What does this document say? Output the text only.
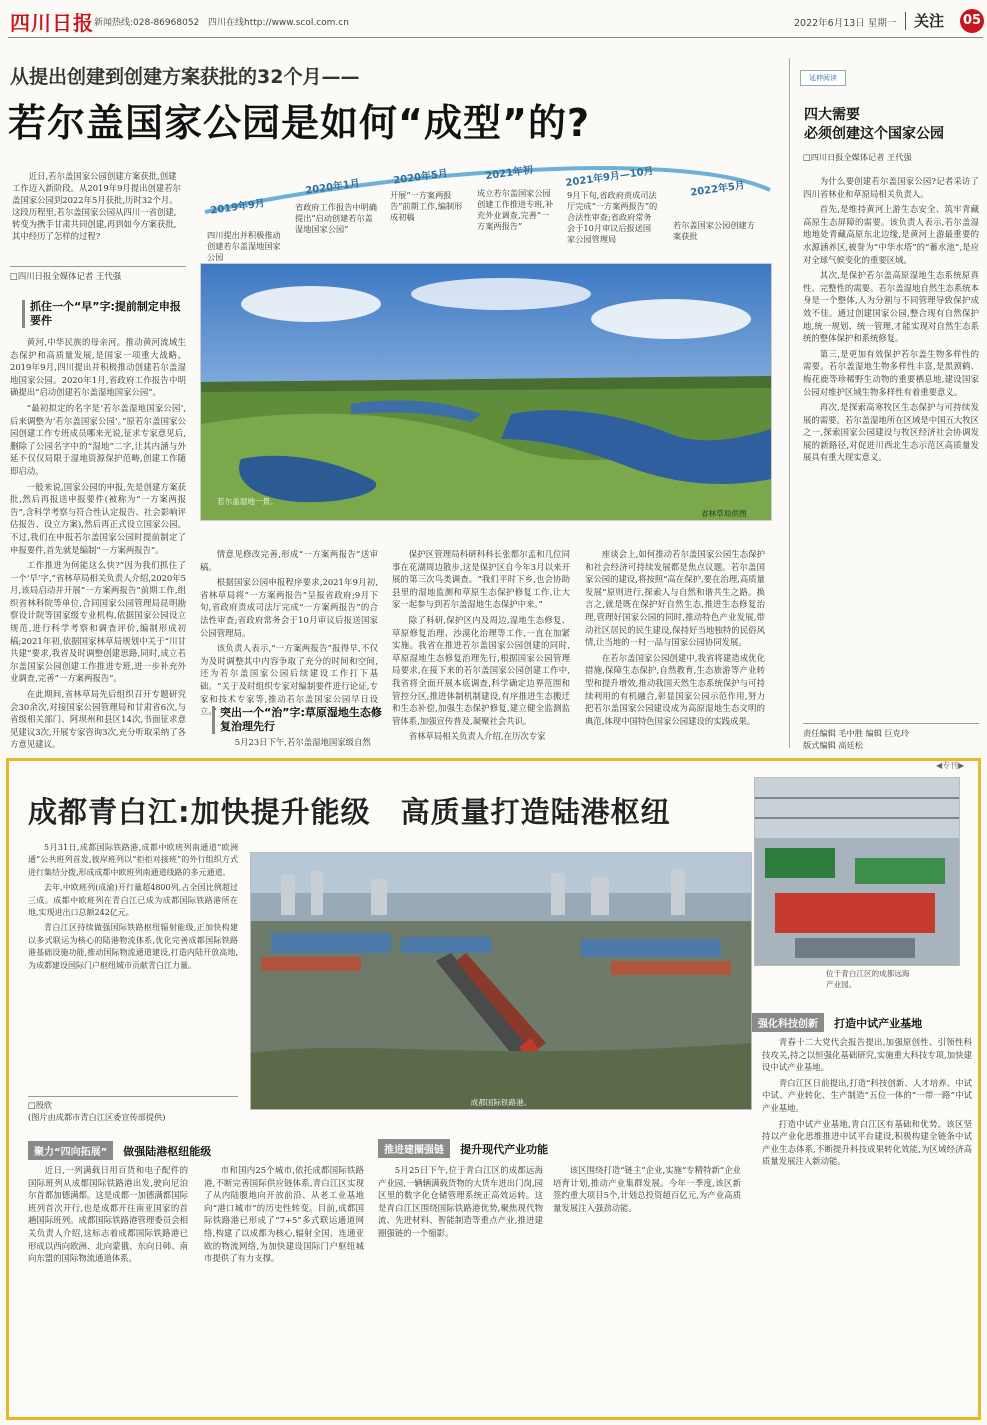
四川日报 新闻热线:028-86968052 四川在线http://www.scol.com.cn	2022年6月13日 星期一 关注 05
从提出创建到创建方案获批的32个月——
若尔盖国家公园是如何“成型”的?
近日,若尔盖国家公园创建方案获批,创建工作迈入新阶段。从2019年9月提出创建若尔盖国家公园到2022年5月获批,历时32个月。这段历程里,若尔盖国家公园从四川一省创建,转变为携手甘肃共同创建,再到如今方案获批,其中经历了怎样的过程?
□四川日报全媒体记者 王代强
2019年9月
四川提出并积极推动创建若尔盖湿地国家公园
2020年1月
省政府工作报告中明确提出“启动创建若尔盖湿地国家公园”
2020年5月
开展“一方案两报告”前期工作,编制形成初稿
2021年初
成立若尔盖国家公园创建工作推进专班,补充外业调查,完善“一方案两报告”
2021年9月—10月
9月下旬,省政府责成司法厅完成“一方案两报告”的合法性审查;省政府常务会于10月审议后报送国家公园管理局
2022年5月
若尔盖国家公园创建方案获批
若尔盖湿地一景。
省林草局供图
抓住一个“早”字:提前制定申报要件

黄河,中华民族的母亲河。推动黄河流域生态保护和高质量发展,是国家一项重大战略。2019年9月,四川提出并积极推动创建若尔盖湿地国家公园。2020年1月,省政府工作报告中明确提出“启动创建若尔盖湿地国家公园”。

“最初拟定的名字是‘若尔盖湿地国家公园’,后来调整为‘若尔盖国家公园’。”原若尔盖国家公园创建工作专班成员哪来光说,征求专家意见后,删除了公园名字中的“湿地”二字,让其内涵与外延不仅仅局限于湿地资源保护范畴,创建工作随即启动。

一般来说,国家公园的申报,先是创建方案获批,然后再报送申报要件(被称为“一方案两报告”,含科学考察与符合性认定报告、社会影响评估报告、设立方案),然后再正式设立国家公园。不过,我们在申报若尔盖国家公园时提前制定了申报要件,首先就是编制“一方案两报告”。

工作推进为何能这么快?“因为我们抓住了一个‘早’字,”省林草局相关负责人介绍,2020年5月,该局启动并开展“一方案两报告”前期工作,组织省林科院等单位,合同国家公园管理局昆明勘察设计院等国家级专业机构,依据国家公园设立规范,进行科学考察和调查评价,编制形成初稿;2021年初,依据国家林草局规划中关于“川甘共建”要求,我省及时调整创建思路,同时,成立若尔盖国家公园创建工作推进专班,进一步补充外业调查,完善“一方案两报告”。

在此期间,省林草局先后组织召开专题研究会30余次,对接国家公园管理局和甘肃省6次,与省级相关部门、阿坝州和县区14次,书面征求意见建议3次,开展专家咨询3次,充分听取采纳了各方意见建议。

情意见修改完善,形成“一方案两报告”送审稿。

根据国家公园申报程序要求,2021年9月初,省林草局将“一方案两报告”呈报省政府;9月下旬,省政府责成司法厅完成“一方案两报告”的合法性审查;省政府常务会于10月审议后报送国家公园管理局。

该负责人表示,“一方案两报告”报得早,不仅为及时调整其中内容争取了充分的时间和空间,还为若尔盖国家公园后续建设工作打下基础。“关于及时组织专家对编制要件进行论证,专家和技术专家等,推动若尔盖国家公园早日设立。” 突出一个“治”字:草原湿地生态修复治理先行

5月23日下午,若尔盖湿地国家级自然

保护区管理局科研科科长张都尔孟和几位同事在花湖周边散步,这是保护区自今年3月以来开展的第三次鸟类调查。“我们平时下乡,也会协助县里的湿地监测和草原生态保护修复工作,让大家一起参与到若尔盖湿地生态保护中来。”

除了科研,保护区内及周边,湿地生态修复、草原修复治理、沙漠化治理等工作,一直在加紧实施。我省在推进若尔盖国家公园创建的同时,草原湿地生态修复治理先行,根据国家公园管理局要求,在接下来的若尔盖国家公园创建工作中,我省将全面开展本底调查,科学确定边界范围和管控分区,推进体制机制建设,有序推进生态搬迁和生态补偿,加强生态保护修复,建立健全监测监管体系,加强宣传普及,凝聚社会共识。

省林草局相关负责人介绍,在历次专家

座谈会上,如何推动若尔盖国家公园生态保护和社会经济可持续发展都是焦点议题。若尔盖国家公园的建设,将按照“高在保护,要在治理,高质量发展”原则进行,探索人与自然和谐共生之路。换言之,就是既在保护好自然生态,推进生态修复治理,管理好国家公园的同时,推动特色产业发展,带动社区居民的民生建设,保持好当地独特的民俗风情,让当地的一村一品与国家公园协同发展。

在若尔盖国家公园创建中,我省将建造成优化措施,保障生态保护,自然教育,生态旅游等产业转型和提升增效,推动我国天然生态系统保护与可持续利用的有机融合,彰显国家公园示范作用,努力把若尔盖国家公园建设成为高原湿地生态文明的典范,体现中国特色国家公园建设的实践成果。

延伸阅读
四大需要
必须创建这个国家公园
□四川日报全媒体记者 王代强

为什么要创建若尔盖国家公园?记者采访了四川省林业和草原局相关负责人。

首先,是维持黄河上游生态安全、筑牢青藏高原生态屏障的需要。该负责人表示,若尔盖湿地地处青藏高原东北边缘,是黄河上游最重要的水源涵养区,被誉为“中华水塔”的“蓄水池”,是应对全球气候变化的重要区域。

其次,是保护若尔盖高原湿地生态系统原真性、完整性的需要。若尔盖湿地自然生态系统本身是一个整体,人为分割与不同管理导致保护成效不佳。通过创建国家公园,整合现有自然保护地,统一规划、统一管理,才能实现对自然生态系统的整体保护和系统修复。

第三,是更加有效保护若尔盖生物多样性的需要。若尔盖湿地生物多样性丰富,是黑颈鹤、梅花鹿等珍稀野生动物的重要栖息地,建设国家公园对维护区域生物多样性有着重要意义。

再次,是探索高寒牧区生态保护与可持续发展的需要。若尔盖湿地所在区域是中国五大牧区之一,探索国家公园建设与牧区经济社会协调发展的新路径,对促进川西北生态示范区高质量发展具有重大现实意义。

责任编辑 毛中胜 编辑 巨克玲
版式编辑 高廷松
◀专刊▶
成都青白江:加快提升能级　高质量打造陆港枢纽

5月31日,成都国际铁路港,成都中欧班列南通道“欧洲通”公共班列首发,彼岸班列以“拒拒对接班”的外行组织方式进行集结分拨,形成成都中欧班列南通道线路的多元通道。

去年,中欧班列(成渝)开行量超4800列,占全国比例超过三成。成都中欧班列在青白江已成为成都国际铁路港所在地,实现进出口总额242亿元。

青白江区持续做强国际铁路枢纽辐射能级,正加快构建以多式联运为核心的陆港物流体系,优化完善成都国际铁路港基础设施功能,推动国际物流通道建设,打造内陆开放高地,为成都建设国际门户枢纽城市贡献青白江力量。

□殷欣
(图片由成都市青白江区委宣传部提供)
成都国际铁路港。
位于青白江区的成都远海产业园。
强化科技创新 打造中试产业基地

青春十二大党代会报告提出,加强原创性、引领性科技攻关,持之以恒强化基础研究,实施重大科技专项,加快建设中试产业基地。

青白江区日前提出,打造“科技创新、人才培养、中试中试、产业转化、生产制造”五位一体的“一带一路”中试产业基地。

打造中试产业基地,青白江区有基础和优势。该区坚持以产业化思维推进中试平台建设,积极构建全链条中试产业生态体系,不断提升科技成果转化效能,为区域经济高质量发展注入新动能。

聚力“四向拓展” 做强陆港枢纽能级

近日,一列满载日用百货和电子配件的国际班列从成都国际铁路港出发,驶向尼泊尔首都加德满都。这是成都一加德满都国际班列首次开行,也是成都开往南亚国家的首趟国际班列。成都国际铁路港管理委员会相关负责人介绍,这标志着成都国际铁路港已形成以西向欧洲、北向蒙俄、东向日韩、南向东盟的国际物流通道体系。

市和国内25个城市,依托成都国际铁路港,不断完善国际供应链体系,青白江区实现了从内陆腹地向开放前沿、从老工业基地向“港口城市”的历史性转变。目前,成都国际铁路港已形成了“7+5”多式联运通道网络,构建了以成都为核心,辐射全国、连通亚欧的物流网络,为加快建设国际门户枢纽城市提供了有力支撑。

推进建圈强链 提升现代产业功能

5月25日下午,位于青白江区的成都远海产业园,一辆辆满载货物的大货车进出门岗,园区里的数字化仓储管理系统正高效运转。这是青白江区围绕国际铁路港优势,聚焦现代物流、先进材料、智能制造等重点产业,推进建圈强链的一个缩影。

该区围绕打造“链主”企业,实施“专精特新”企业培育计划,推动产业集群发展。今年一季度,该区新签约重大项目5个,计划总投资超百亿元,为产业高质量发展注入强劲动能。
